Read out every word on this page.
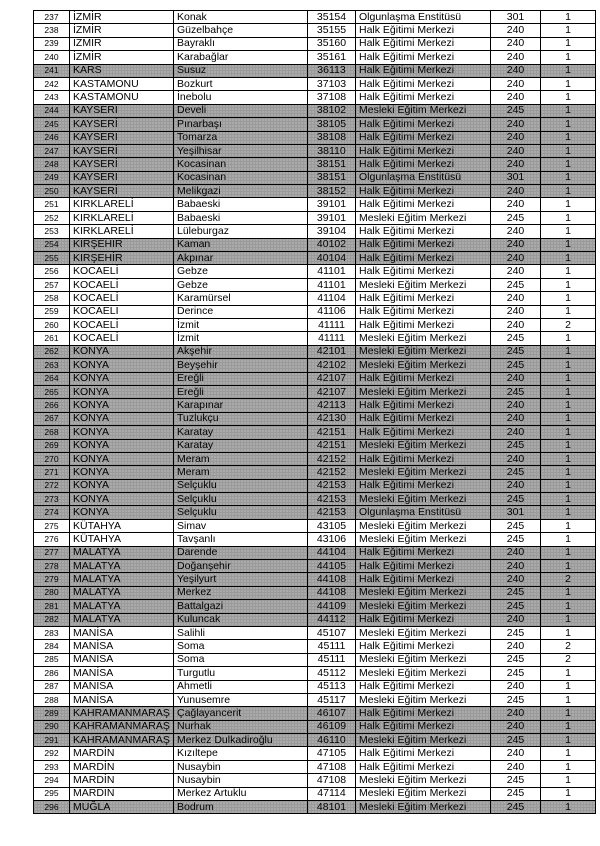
237	İZMİR	Konak	35154	Olgunlaşma Enstitüsü	301	1
238	İZMİR	Güzelbahçe	35155	Halk Eğitimi Merkezi	240	1
239	İZMİR	Bayraklı	35160	Halk Eğitimi Merkezi	240	1
240	İZMİR	Karabağlar	35161	Halk Eğitimi Merkezi	240	1
241	KARS	Susuz	36113	Halk Eğitimi Merkezi	240	1
242	KASTAMONU	Bozkurt	37103	Halk Eğitimi Merkezi	240	1
243	KASTAMONU	İnebolu	37108	Halk Eğitimi Merkezi	240	1
244	KAYSERİ	Develi	38102	Mesleki Eğitim Merkezi	245	1
245	KAYSERİ	Pınarbaşı	38105	Halk Eğitimi Merkezi	240	1
246	KAYSERİ	Tomarza	38108	Halk Eğitimi Merkezi	240	1
247	KAYSERİ	Yeşilhisar	38110	Halk Eğitimi Merkezi	240	1
248	KAYSERİ	Kocasinan	38151	Halk Eğitimi Merkezi	240	1
249	KAYSERİ	Kocasinan	38151	Olgunlaşma Enstitüsü	301	1
250	KAYSERİ	Melikgazi	38152	Halk Eğitimi Merkezi	240	1
251	KIRKLARELİ	Babaeski	39101	Halk Eğitimi Merkezi	240	1
252	KIRKLARELİ	Babaeski	39101	Mesleki Eğitim Merkezi	245	1
253	KIRKLARELİ	Lüleburgaz	39104	Halk Eğitimi Merkezi	240	1
254	KIRŞEHİR	Kaman	40102	Halk Eğitimi Merkezi	240	1
255	KIRŞEHİR	Akpınar	40104	Halk Eğitimi Merkezi	240	1
256	KOCAELİ	Gebze	41101	Halk Eğitimi Merkezi	240	1
257	KOCAELİ	Gebze	41101	Mesleki Eğitim Merkezi	245	1
258	KOCAELİ	Karamürsel	41104	Halk Eğitimi Merkezi	240	1
259	KOCAELİ	Derince	41106	Halk Eğitimi Merkezi	240	1
260	KOCAELİ	İzmit	41111	Halk Eğitimi Merkezi	240	2
261	KOCAELİ	İzmit	41111	Mesleki Eğitim Merkezi	245	1
262	KONYA	Akşehir	42101	Mesleki Eğitim Merkezi	245	1
263	KONYA	Beyşehir	42102	Mesleki Eğitim Merkezi	245	1
264	KONYA	Ereğli	42107	Halk Eğitimi Merkezi	240	1
265	KONYA	Ereğli	42107	Mesleki Eğitim Merkezi	245	1
266	KONYA	Karapınar	42113	Halk Eğitimi Merkezi	240	1
267	KONYA	Tuzlukçu	42130	Halk Eğitimi Merkezi	240	1
268	KONYA	Karatay	42151	Halk Eğitimi Merkezi	240	1
269	KONYA	Karatay	42151	Mesleki Eğitim Merkezi	245	1
270	KONYA	Meram	42152	Halk Eğitimi Merkezi	240	1
271	KONYA	Meram	42152	Mesleki Eğitim Merkezi	245	1
272	KONYA	Selçuklu	42153	Halk Eğitimi Merkezi	240	1
273	KONYA	Selçuklu	42153	Mesleki Eğitim Merkezi	245	1
274	KONYA	Selçuklu	42153	Olgunlaşma Enstitüsü	301	1
275	KÜTAHYA	Simav	43105	Mesleki Eğitim Merkezi	245	1
276	KÜTAHYA	Tavşanlı	43106	Mesleki Eğitim Merkezi	245	1
277	MALATYA	Darende	44104	Halk Eğitimi Merkezi	240	1
278	MALATYA	Doğanşehir	44105	Halk Eğitimi Merkezi	240	1
279	MALATYA	Yeşilyurt	44108	Halk Eğitimi Merkezi	240	2
280	MALATYA	Merkez	44108	Mesleki Eğitim Merkezi	245	1
281	MALATYA	Battalgazi	44109	Mesleki Eğitim Merkezi	245	1
282	MALATYA	Kuluncak	44112	Halk Eğitimi Merkezi	240	1
283	MANİSA	Salihli	45107	Mesleki Eğitim Merkezi	245	1
284	MANİSA	Soma	45111	Halk Eğitimi Merkezi	240	2
285	MANİSA	Soma	45111	Mesleki Eğitim Merkezi	245	2
286	MANİSA	Turgutlu	45112	Mesleki Eğitim Merkezi	245	1
287	MANİSA	Ahmetli	45113	Halk Eğitimi Merkezi	240	1
288	MANİSA	Yunusemre	45117	Mesleki Eğitim Merkezi	245	1
289	KAHRAMANMARAŞ	Çağlayancerit	46107	Halk Eğitimi Merkezi	240	1
290	KAHRAMANMARAŞ	Nurhak	46109	Halk Eğitimi Merkezi	240	1
291	KAHRAMANMARAŞ	Merkez Dulkadiroğlu	46110	Mesleki Eğitim Merkezi	245	1
292	MARDİN	Kızıltepe	47105	Halk Eğitimi Merkezi	240	1
293	MARDİN	Nusaybin	47108	Halk Eğitimi Merkezi	240	1
294	MARDİN	Nusaybin	47108	Mesleki Eğitim Merkezi	245	1
295	MARDİN	Merkez Artuklu	47114	Mesleki Eğitim Merkezi	245	1
296	MUĞLA	Bodrum	48101	Mesleki Eğitim Merkezi	245	1
